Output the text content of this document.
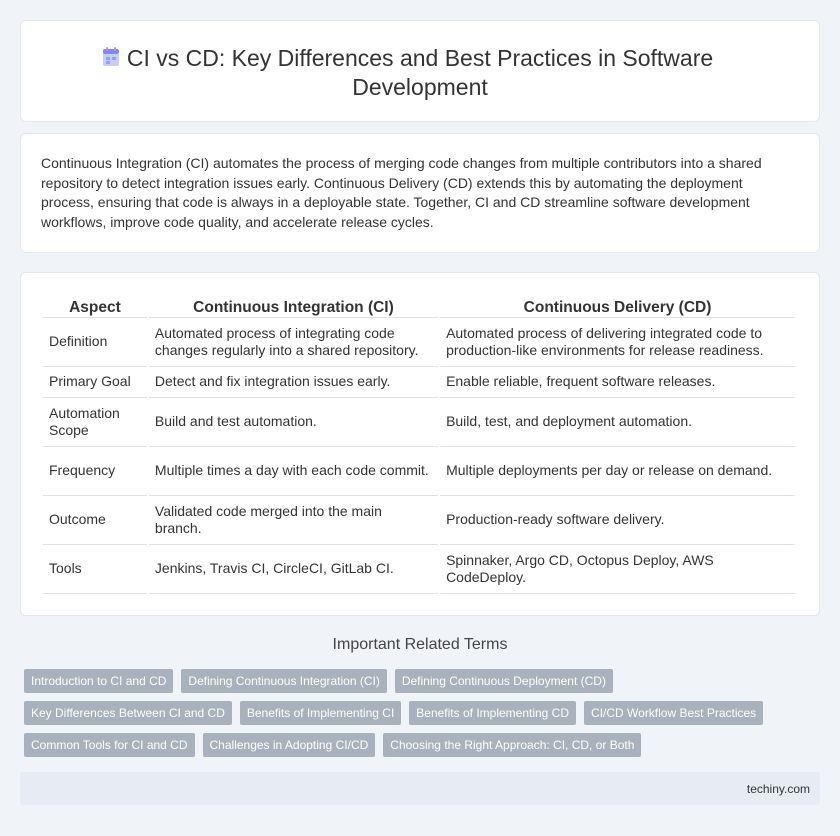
CI vs CD: Key Differences and Best Practices in Software Development

Continuous Integration (CI) automates the process of merging code changes from multiple contributors into a shared repository to detect integration issues early. Continuous Delivery (CD) extends this by automating the deployment process, ensuring that code is always in a deployable state. Together, CI and CD streamline software development workflows, improve code quality, and accelerate release cycles.

Aspect	Continuous Integration (CI)	Continuous Delivery (CD)
Definition	Automated process of integrating code changes regularly into a shared repository.	Automated process of delivering integrated code to production-like environments for release readiness.
Primary Goal	Detect and fix integration issues early.	Enable reliable, frequent software releases.
Automation Scope	Build and test automation.	Build, test, and deployment automation.
Frequency	Multiple times a day with each code commit.	Multiple deployments per day or release on demand.
Outcome	Validated code merged into the main branch.	Production-ready software delivery.
Tools	Jenkins, Travis CI, CircleCI, GitLab CI.	Spinnaker, Argo CD, Octopus Deploy, AWS CodeDeploy.
Important Related Terms
Introduction to CI and CD	Defining Continuous Integration (CI)	Defining Continuous Deployment (CD)
Key Differences Between CI and CD	Benefits of Implementing CI	Benefits of Implementing CD	CI/CD Workflow Best Practices
Common Tools for CI and CD	Challenges in Adopting CI/CD	Choosing the Right Approach: CI, CD, or Both
techiny.com
